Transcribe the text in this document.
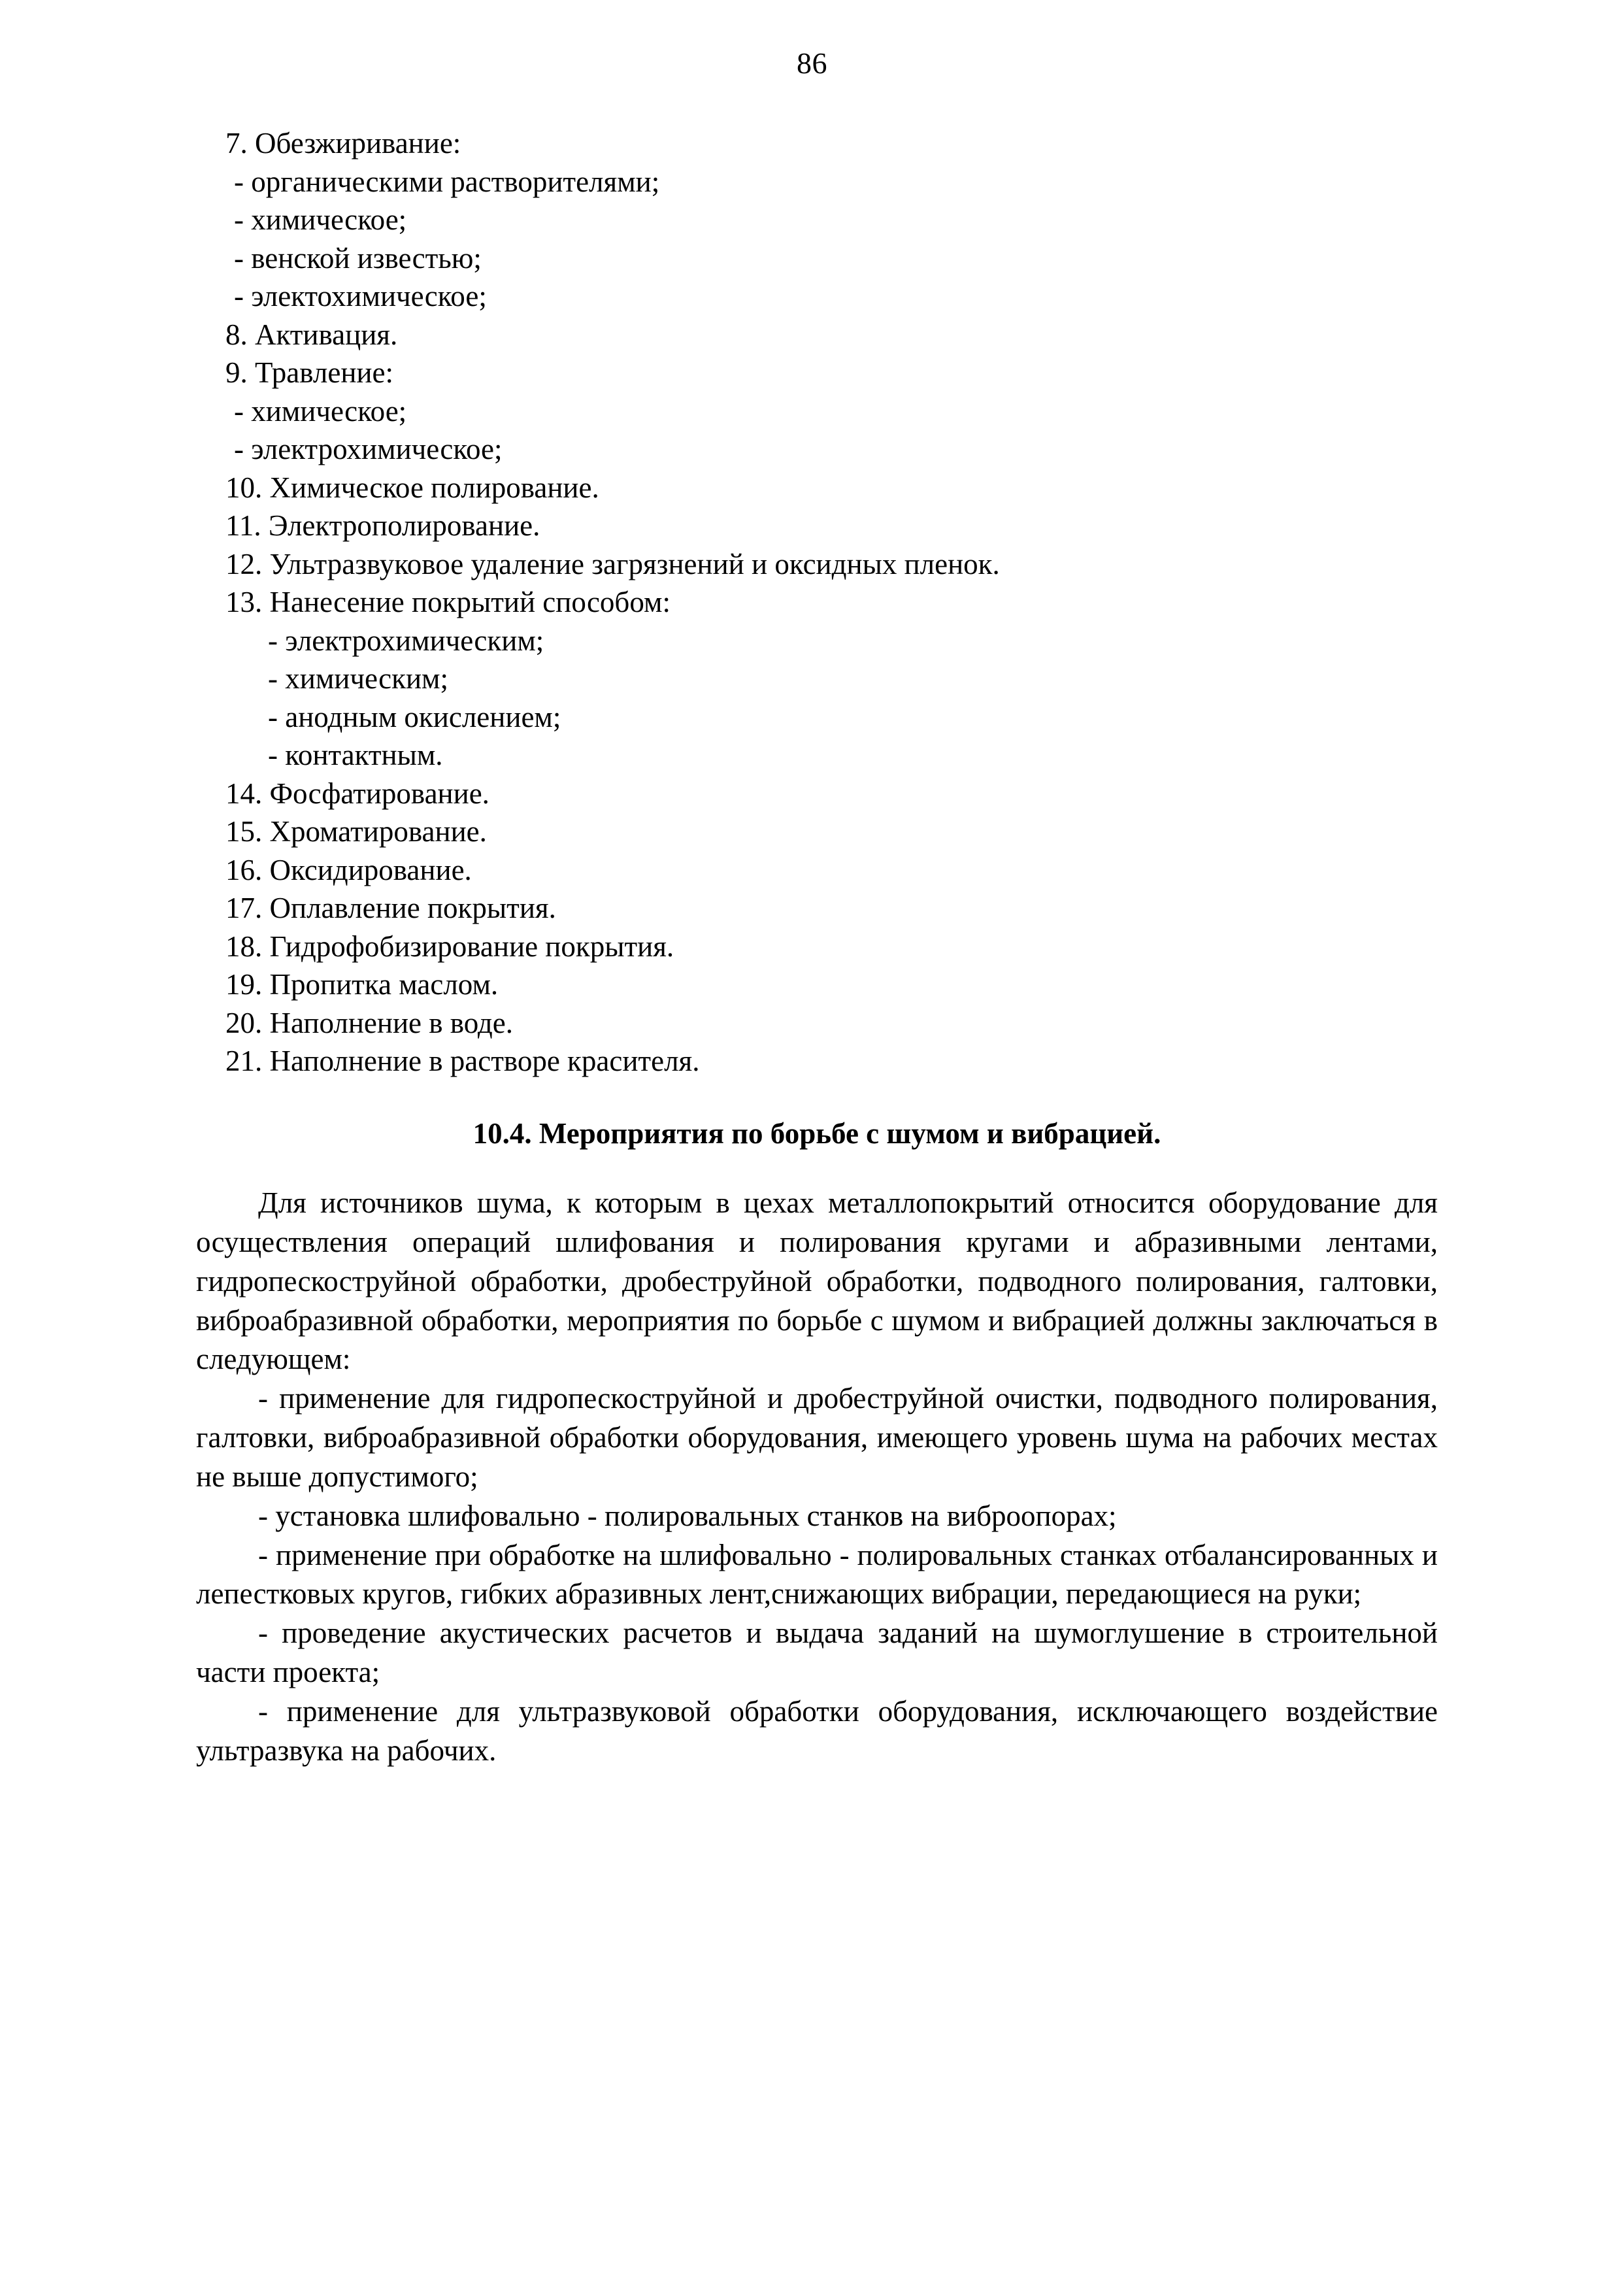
86
7. Обезжиривание:
- органическими растворителями;
- химическое;
- венской известью;
- электохимическое;
8. Активация.
9. Травление:
- химическое;
- электрохимическое;
10. Химическое полирование.
11. Электрополирование.
12. Ультразвуковое удаление загрязнений и оксидных пленок.
13. Нанесение покрытий способом:
- электрохимическим;
- химическим;
- анодным окислением;
- контактным.
14. Фосфатирование.
15. Хроматирование.
16. Оксидирование.
17. Оплавление покрытия.
18. Гидрофобизирование покрытия.
19. Пропитка маслом.
20. Наполнение в воде.
21. Наполнение в растворе красителя.
10.4. Мероприятия по борьбе с шумом и вибрацией.
Для источников шума, к которым в цехах металлопокрытий относится оборудование для осуществления операций шлифования и полирования кругами и абразивными лентами, гидропескоструйной обработки, дробеструйной обработки, подводного полирования, галтовки, виброабразивной обработки, мероприятия по борьбе с шумом и вибрацией должны заключаться в следующем:
- применение для гидропескоструйной и дробеструйной очистки, подводного полирования, галтовки, виброабразивной обработки оборудования, имеющего уровень шума на рабочих местах не выше допустимого;
- установка шлифовально - полировальных станков на виброопорах;
- применение при обработке на шлифовально - полировальных станках отбалансированных и лепестковых кругов, гибких абразивных лент,снижающих вибрации, передающиеся на руки;
- проведение акустических расчетов и выдача заданий на шумоглушение в строительной части проекта;
- применение для ультразвуковой обработки оборудования, исключающего воздействие ультразвука на рабочих.
